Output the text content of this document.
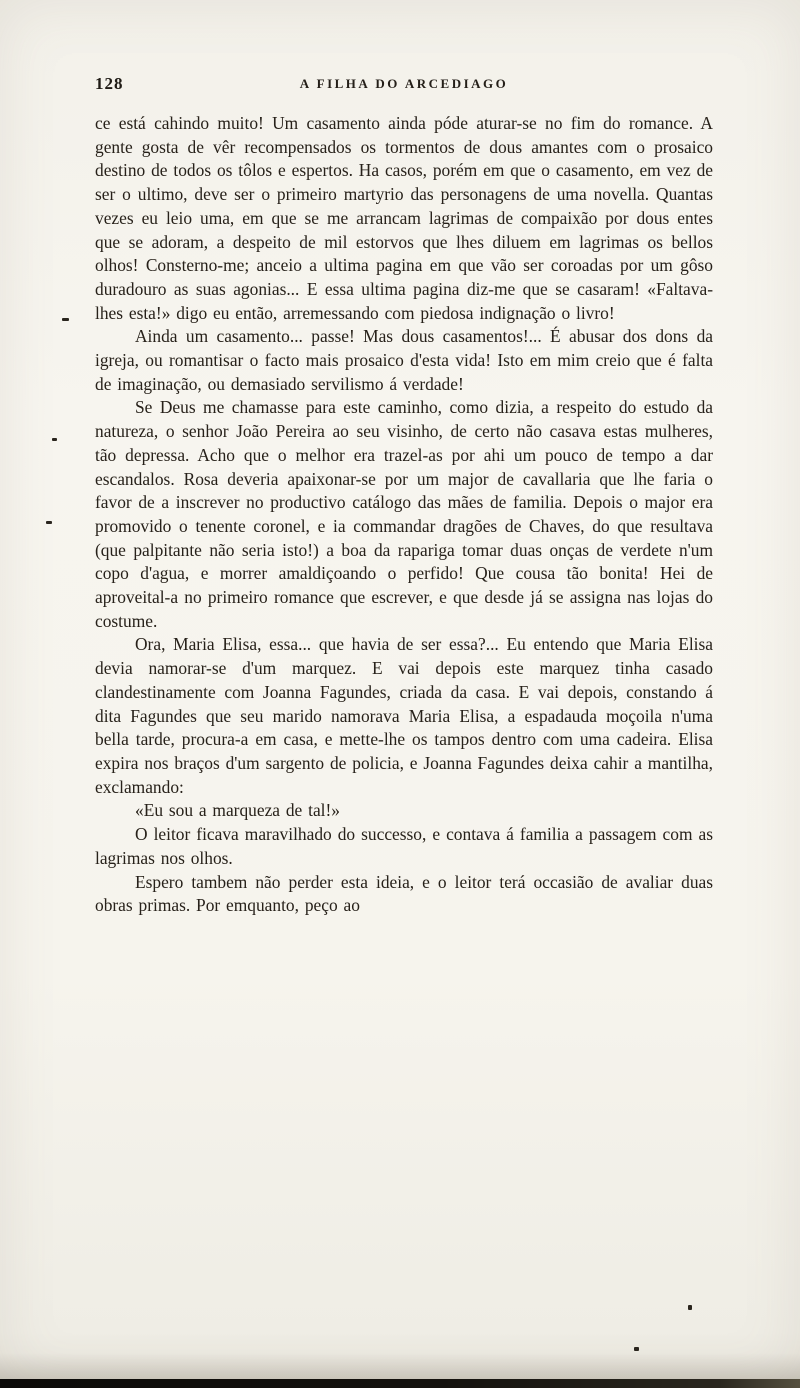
128	A FILHA DO ARCEDIAGO

ce está cahindo muito! Um casamento ainda póde aturar-se no fim do romance. A gente gosta de vêr recompensados os tormentos de dous amantes com o prosaico destino de todos os tôlos e espertos. Ha casos, porém em que o casamento, em vez de ser o ultimo, deve ser o primeiro martyrio das personagens de uma novella. Quantas vezes eu leio uma, em que se me arrancam lagrimas de compaixão por dous entes que se adoram, a despeito de mil estorvos que lhes diluem em lagrimas os bellos olhos! Consterno-me; anceio a ultima pagina em que vão ser coroadas por um gôso duradouro as suas agonias... E essa ultima pagina diz-me que se casaram! «Faltava-lhes esta!» digo eu então, arremessando com piedosa indignação o livro!

Ainda um casamento... passe! Mas dous casamentos!... É abusar dos dons da igreja, ou romantisar o facto mais prosaico d'esta vida! Isto em mim creio que é falta de imaginação, ou demasiado servilismo á verdade!

Se Deus me chamasse para este caminho, como dizia, a respeito do estudo da natureza, o senhor João Pereira ao seu visinho, de certo não casava estas mulheres, tão depressa. Acho que o melhor era trazel-as por ahi um pouco de tempo a dar escandalos. Rosa deveria apaixonar-se por um major de cavallaria que lhe faria o favor de a inscrever no productivo catálogo das mães de familia. Depois o major era promovido o tenente coronel, e ia commandar dragões de Chaves, do que resultava (que palpitante não seria isto!) a boa da rapariga tomar duas onças de verdete n'um copo d'agua, e morrer amaldiçoando o perfido! Que cousa tão bonita! Hei de aproveital-a no primeiro romance que escrever, e que desde já se assigna nas lojas do costume.

Ora, Maria Elisa, essa... que havia de ser essa?... Eu entendo que Maria Elisa devia namorar-se d'um marquez. E vai depois este marquez tinha casado clandestinamente com Joanna Fagundes, criada da casa. E vai depois, constando á dita Fagundes que seu marido namorava Maria Elisa, a espadauda moçoila n'uma bella tarde, procura-a em casa, e mette-lhe os tampos dentro com uma cadeira. Elisa expira nos braços d'um sargento de policia, e Joanna Fagundes deixa cahir a mantilha, exclamando:

«Eu sou a marqueza de tal!»

O leitor ficava maravilhado do successo, e contava á familia a passagem com as lagrimas nos olhos.

Espero tambem não perder esta ideia, e o leitor terá occasião de avaliar duas obras primas. Por emquanto, peço ao
